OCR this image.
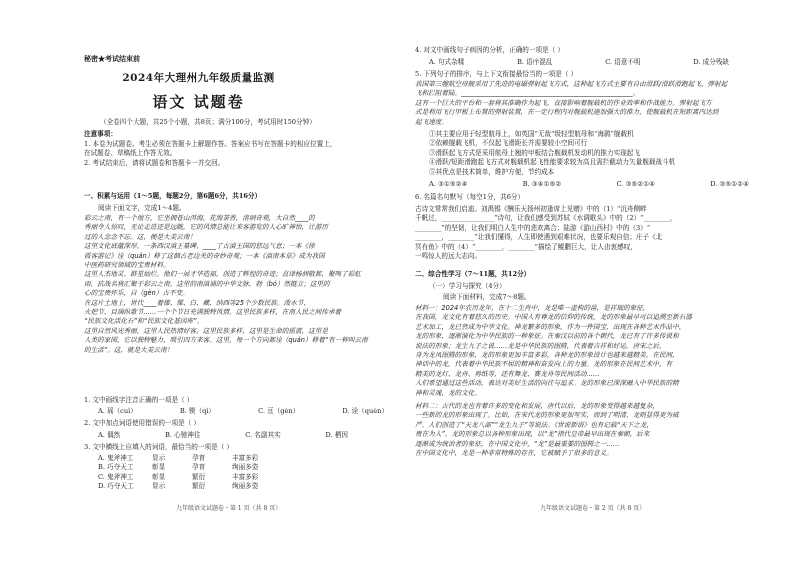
秘密★考试结束前
2024年大理州九年级质量监测
语文 试题卷
（全卷四个大题，共25个小题，共8页；满分100分，考试用时150分钟）
注意事项：
1. 本卷为试题卷。考生必须在答题卡上解题作答。答案应书写在答题卡的相应位置上，
在试题卷、草稿纸上作答无效。
2. 考试结束后，请将试题卷和答题卡一并交回。
一、积累与运用（1～5题，每题2分，第6题6分，共16分）
阅读下面文字，完成1～4题。
彩云之南，有一个地方，它坐拥苍山洱海，花海茶香，溶洞奇观，大自然____的
秀丽令人惊叹，无论走进还是远眺，它的风情总能让来客游览的人心旷神怡，让游历
过的人念念不忘。这，便是大美云南！
这里文化底蕴深厚。一条西汉滇王墓碑，____了古滇王国的悠远气息；一本《徐
霞客游记》诠（quán）释了这個古老边关的奇妙奇观；一本《滇南本草》成为我国
中医药研究领域的宝贵材料。
这里人杰地灵、群星灿烂。他们一展才华造福，创造了辉煌的奇迹；直译杨润敬都，聚鸣了彩虹
雨，抗战名将汇聚于彩云之南。这里的南滇诵的中华文脉，勃（bó）然挺立；这里的
心的宝贵怀乐，自（gèn）古不变。
在这片土地上，世代____着傣、傈、白、藏、纳西等25个少数民族。泼水节、
火把节、目瑙纵歌节……一个个节日充满独特风情。这里民族多样，在南人民之间传承着
“民族文化活化石”和“民族文化基因库”。
这里自然风光秀丽，这里人民热情好客，这里民族多样，这里是生命的摇篮，这里是
人类的家园，它以独特魅力，吸引四方来客。这里，每一个方向都诠（quán）释着“有一种叫云南
的生活”。这，就是大美云南！
1. 文中画线字注音正确的一项是（ ）
A. 瑶（cuì）	B. 锲（qì）	C. 亘（gèn）	D. 诠（quèn）
2. 文中加点词语使用错误的一项是（ ）
A. 偶然	B. 心驰神往	C. 名副其实	D. 栖因
3. 文中横线上应填入的词语，最恰当的一项是（ ）
A. 鬼斧神工	显示	孕育	丰富多彩
B. 巧夺天工	彰显	孕育	绚丽多姿
C. 鬼斧神工	彰显	繁衍	丰富多彩
D. 巧夺天工	显示	繁衍	绚丽多姿
九年级语文试题卷・第 1 页（共 8 页）
4. 对文中画线句子病因的分析，正确的一项是（ ）
A. 句式杂糅	B. 语序混乱	C. 语意不明	D. 成分残缺
5. 下列句子的排序，与上下文衔接最恰当的一项是（ ）
我国第三艘航空母舰采用了先进的电磁弹射起飞方式，这种起飞方式主要有自由滑跃/滑跃滑跑起飞、弹射起
飞和拦阻着陆。____________________________________________________。
这有一个巨大的平台和一套将其准确作为起飞，直接影响着舰载机的作业效率和作战能力。弹射起飞方
式是利用飞行甲板上布置的弹射装置，在一定行程内对舰载机施加强大的推力，使舰载机在短距离内达到
起飞速度。
①其主要应用于轻型航母上，如英国“无敌”级轻型航母和“海鹞”舰载机
②依赖舰载飞机，不仅起飞滑距长并需要较小空间可行
③滑跃起飞方式是采用航母上翘的甲板结合舰载机发动机的推力实现起飞
④滑跃/短距滑跑起飞方式对舰载机起飞性能要求较为高且需拦截动力矢量舰载战斗机
⑤其优点是技术简单，维护方便，节约成本
A. ③①⑤②④	B. ③④①⑤②	C. ③⑤②①④	D. ③⑤①②④
6. 名篇名句默写（每空1分，共6分）
古诗文常常我们启迪。刘禹锡《酬乐天扬州初逢席上见赠》中的（1）“沉舟侧畔
千帆过，________________”诗句，让我们感受到苏轼《水调歌头》中的（2）“________，
________”的坚韧，让我们明白人生中的悲欢离合；陆游《游山西村》中的（3）“
________，________”让我们懂得，人生即使遇到艰难状况，也要乐观自信；庄子《北
冥有鱼》中的（4）“________，________”描绘了鲲鹏巨大，让人由衷感叹，
一鸣惊人的远大志向。
二、综合性学习（7～11题，共12分）
（一）学习与探究（4分）
阅读下面材料，完成7～8题。
材料一：2024年农历龙年，在十二生肖中，龙是唯一虚构的兽，是祥瑞的象征，
在我国，龙文化有着悠久的历史。中国人有尊龙的信仰的传统，龙的形象最早可以追溯至新石器
艺术加工，龙已然成为中华文化。神龙繁多的形象，作为一件国宝，出现在各种艺术作品中，
龙的形象，逐渐演化为中华民族的一种象征。在秦汉以前的各个朝代，龙已有了许多传说和
说法的形象；龙生九子之说……龙是中华民族的图腾，代表着吉祥和好运。唐宋之后，
身为龙凤图腾的形象，龙的形象更加丰富多彩，各种龙的形象设计也越来越精美。在民间，
神话中的龙，代表着中华民族不屈的精神和奋发向上的力量。龙的形象在民间艺术中，有
精美的龙灯、龙舟、剪纸等，还有舞龙、赛龙舟等民间活动……
人们希望通过这些活动，表达对美好生活的向往与追求。龙的形象已深深融入中华民族的精
神和灵魂，龙的文化。
材料二：古代的龙也有着许多的变化和发展，唐代以后，龙的形象变得越来越复杂，
一些新的龙的形象出现了。比如，在宋代龙的形象更加写实，而到了明清，龙则显得更为威
严。人们创造了“天龙八部”“龙生九子”等说法。《世说新语》也有记载“天下之龙，
贵在为人”。龙的形象总以各种形象出现，以“龙”指代皇帝最早出现在秦朝，后来
逐渐成为统治者的象征，在中国文化中，“龙”是最重要的图腾之一……
在中国文化中，龙是一种非常特殊的存在，它被赋予了很多的意义。
九年级语文试题卷・第 2 页（共 8 页）
